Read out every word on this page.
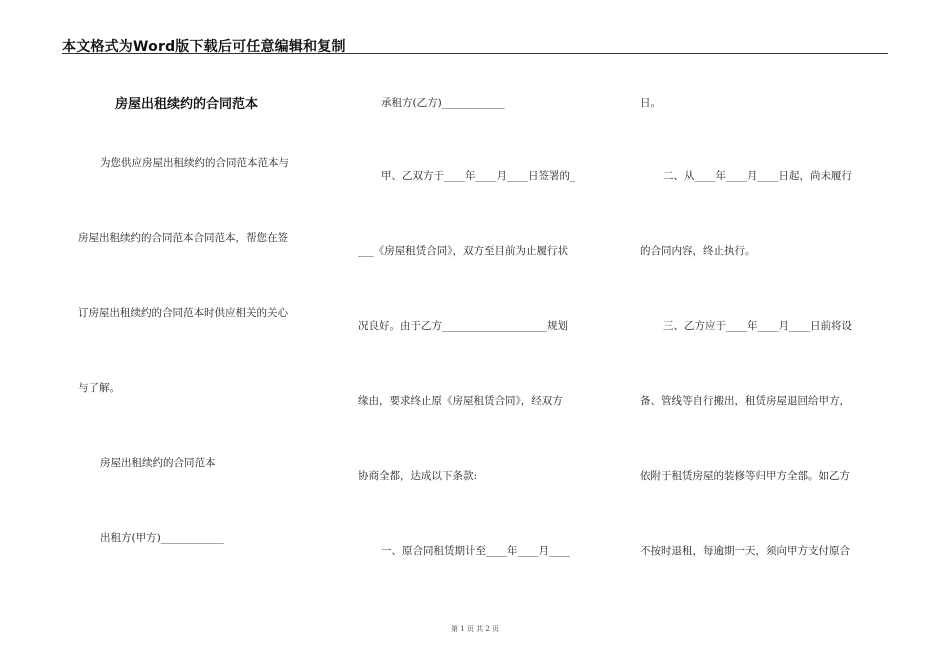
本文格式为Word版下载后可任意编辑和复制
房屋出租续约的合同范本
为您供应房屋出租续约的合同范本范本与
房屋出租续约的合同范本合同范本，帮您在签
订房屋出租续约的合同范本时供应相关的关心
与了解。
房屋出租续约的合同范本
出租方(甲方)____________
承租方(乙方)____________
甲、乙双方于____年____月____日签署的_
___《房屋租赁合同》，双方至目前为止履行状
况良好。由于乙方____________________规划
缘由，要求终止原《房屋租赁合同》，经双方
协商全都，达成以下条款:
一、原合同租赁期计至____年____月____
日。
二、从____年____月____日起，尚未履行
的合同内容，终止执行。
三、乙方应于____年____月____日前将设
备、管线等自行搬出，租赁房屋退回给甲方，
依附于租赁房屋的装修等归甲方全部。如乙方
不按时退租，每逾期一天，须向甲方支付原合
第 1 页 共 2 页
